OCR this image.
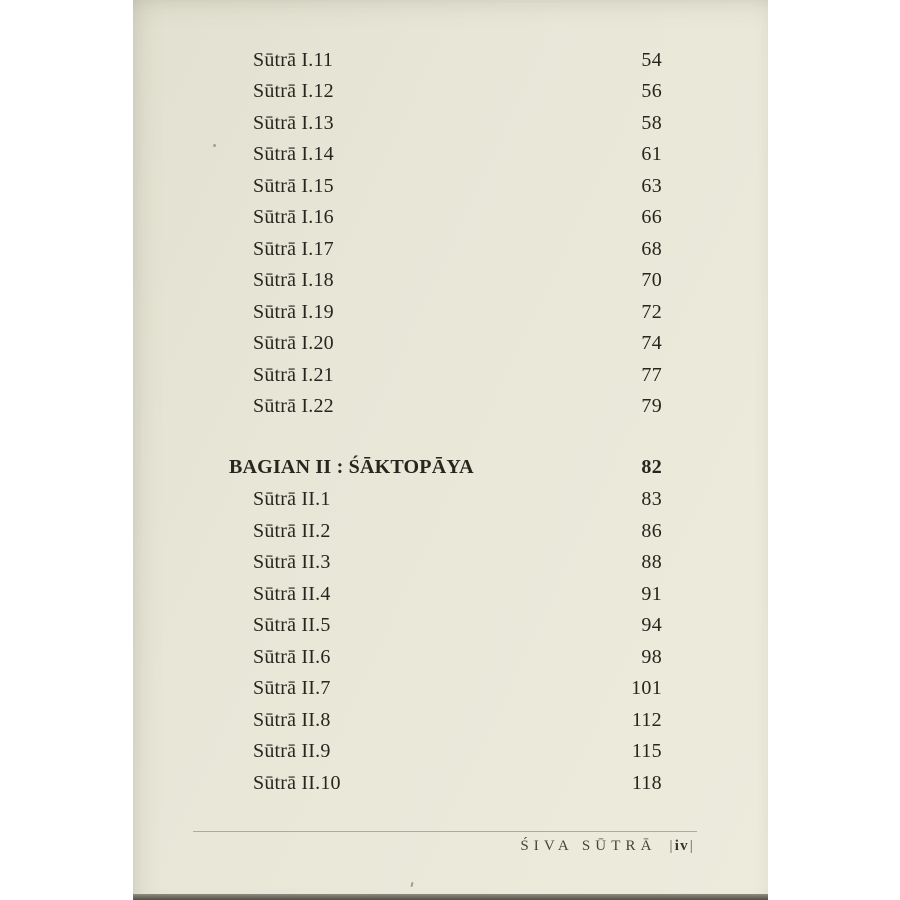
Sūtrā I.11	54
Sūtrā I.12	56
Sūtrā I.13	58
Sūtrā I.14	61
Sūtrā I.15	63
Sūtrā I.16	66
Sūtrā I.17	68
Sūtrā I.18	70
Sūtrā I.19	72
Sūtrā I.20	74
Sūtrā I.21	77
Sūtrā I.22	79
BAGIAN II : ŚĀKTOPĀYA	82
Sūtrā II.1	83
Sūtrā II.2	86
Sūtrā II.3	88
Sūtrā II.4	91
Sūtrā II.5	94
Sūtrā II.6	98
Sūtrā II.7	101
Sūtrā II.8	112
Sūtrā II.9	115
Sūtrā II.10	118
ŚIVA SŪTRĀ |iv|
